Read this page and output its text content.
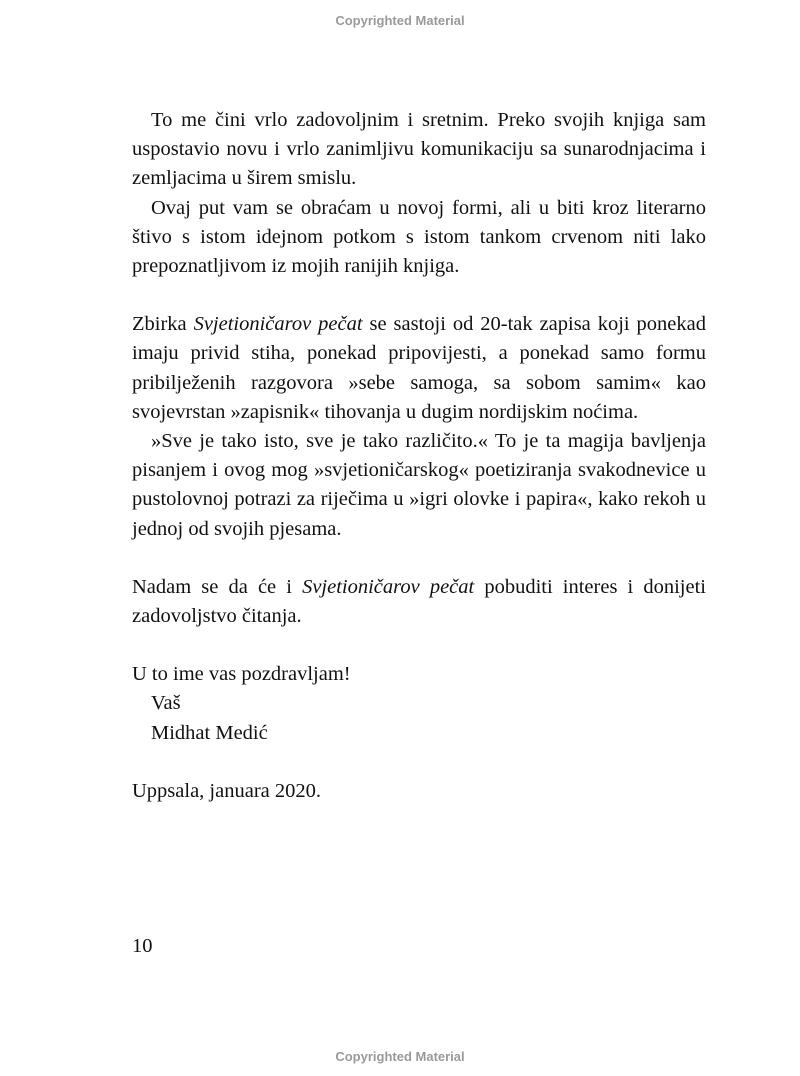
Copyrighted Material

To me čini vrlo zadovoljnim i sretnim. Preko svojih knjiga sam uspostavio novu i vrlo zanimljivu komunikaciju sa sunarodnjacima i zemljacima u širem smislu.

Ovaj put vam se obraćam u novoj formi, ali u biti kroz literarno štivo s istom idejnom potkom s istom tankom crvenom niti lako prepoznatljivom iz mojih ranijih knjiga.

Zbirka Svjetioničarov pečat se sastoji od 20-tak zapisa koji ponekad imaju privid stiha, ponekad pripovijesti, a ponekad samo formu pribilježenih razgovora »sebe samoga, sa sobom samim« kao svojevrstan »zapisnik« tihovanja u dugim nordijskim noćima.

»Sve je tako isto, sve je tako različito.« To je ta magija bavljenja pisanjem i ovog mog »svjetioničarskog« poetiziranja svakodnevice u pustolovnoj potrazi za riječima u »igri olovke i papira«, kako rekoh u jednoj od svojih pjesama.

Nadam se da će i Svjetioničarov pečat pobuditi interes i donijeti zadovoljstvo čitanja.

U to ime vas pozdravljam!

Vaš

Midhat Medić

Uppsala, januara 2020.

10
Copyrighted Material
